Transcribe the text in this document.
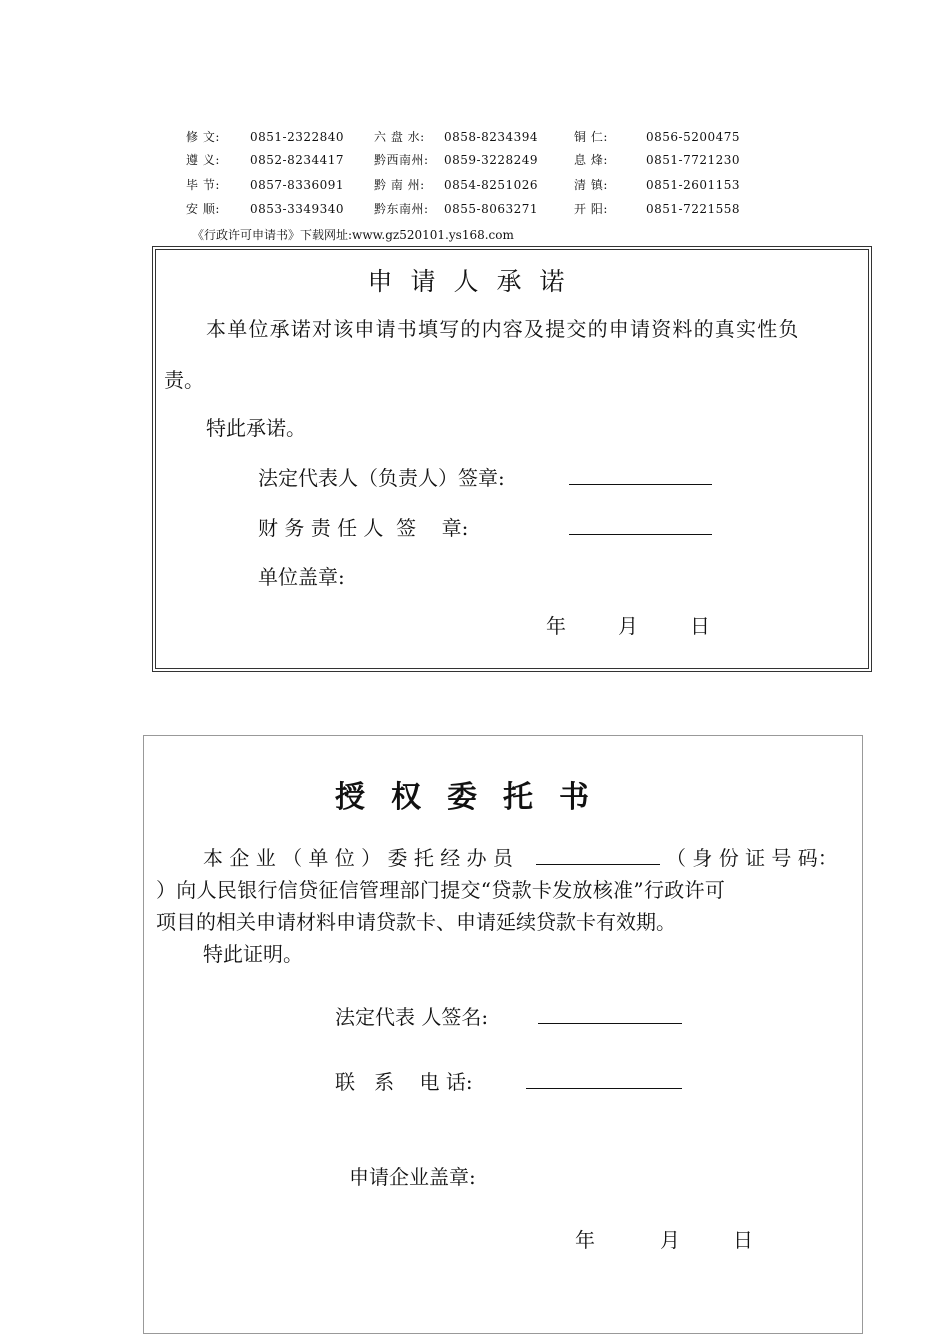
修 文:	0851-2322840 六 盘 水: 0858-8234394	铜 仁:	0856-5200475
遵 义:	0852-8234417 黔西南州: 0859-3228249	息 烽:	0851-7721230
毕 节:	0857-8336091 黔 南 州: 0854-8251026	清 镇:	0851-2601153
安 顺:	0853-3349340 黔东南州: 0855-8063271	开 阳:	0851-7221558
《行政许可申请书》下载网址:www.gz520101.ys168.com
申请人承诺
本单位承诺对该申请书填写的内容及提交的申请资料的真实性负
责。
特此承诺。
法定代表人（负责人）签章:
财 务 责 任 人  签    章:
单位盖章:
年	月	日
授权委托书
本 企 业 （ 单 位 ） 委 托 经 办 员	（ 身 份 证 号 码：
）向人民银行信贷征信管理部门提交“贷款卡发放核准”行政许可
项目的相关申请材料申请贷款卡、申请延续贷款卡有效期。
特此证明。
法定代表 人签名:
联   系    电 话:
申请企业盖章:
年	月	日
